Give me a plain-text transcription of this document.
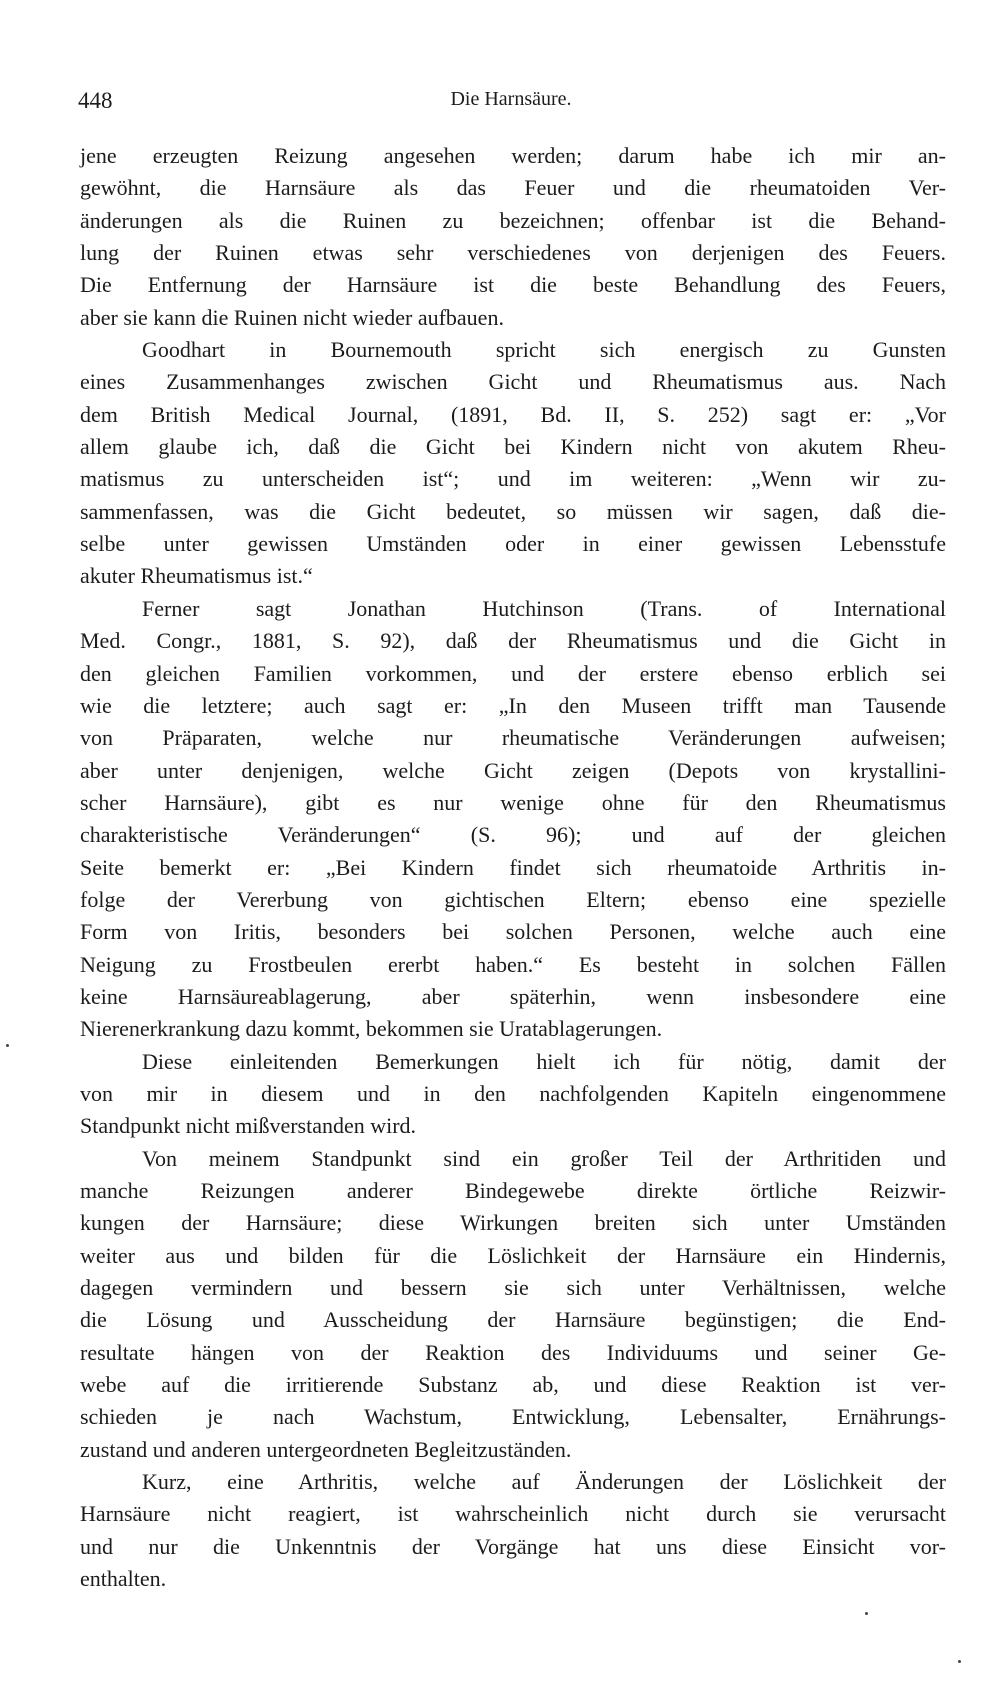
448	Die Harnsäure.
jene erzeugten Reizung angesehen werden; darum habe ich mir an-
gewöhnt, die Harnsäure als das Feuer und die rheumatoiden Ver-
änderungen als die Ruinen zu bezeichnen; offenbar ist die Behand-
lung der Ruinen etwas sehr verschiedenes von derjenigen des Feuers.
Die Entfernung der Harnsäure ist die beste Behandlung des Feuers,
aber sie kann die Ruinen nicht wieder aufbauen.
Goodhart in Bournemouth spricht sich energisch zu Gunsten
eines Zusammenhanges zwischen Gicht und Rheumatismus aus. Nach
dem British Medical Journal, (1891, Bd. II, S. 252) sagt er: „Vor
allem glaube ich, daß die Gicht bei Kindern nicht von akutem Rheu-
matismus zu unterscheiden ist“; und im weiteren: „Wenn wir zu-
sammenfassen, was die Gicht bedeutet, so müssen wir sagen, daß die-
selbe unter gewissen Umständen oder in einer gewissen Lebensstufe
akuter Rheumatismus ist.“
Ferner sagt Jonathan Hutchinson (Trans. of International
Med. Congr., 1881, S. 92), daß der Rheumatismus und die Gicht in
den gleichen Familien vorkommen, und der erstere ebenso erblich sei
wie die letztere; auch sagt er: „In den Museen trifft man Tausende
von Präparaten, welche nur rheumatische Veränderungen aufweisen;
aber unter denjenigen, welche Gicht zeigen (Depots von krystallini-
scher Harnsäure), gibt es nur wenige ohne für den Rheumatismus
charakteristische Veränderungen“ (S. 96); und auf der gleichen
Seite bemerkt er: „Bei Kindern findet sich rheumatoide Arthritis in-
folge der Vererbung von gichtischen Eltern; ebenso eine spezielle
Form von Iritis, besonders bei solchen Personen, welche auch eine
Neigung zu Frostbeulen ererbt haben.“ Es besteht in solchen Fällen
keine Harnsäureablagerung, aber späterhin, wenn insbesondere eine
Nierenerkrankung dazu kommt, bekommen sie Uratablagerungen.
Diese einleitenden Bemerkungen hielt ich für nötig, damit der
von mir in diesem und in den nachfolgenden Kapiteln eingenommene
Standpunkt nicht mißverstanden wird.
Von meinem Standpunkt sind ein großer Teil der Arthritiden und
manche Reizungen anderer Bindegewebe direkte örtliche Reizwir-
kungen der Harnsäure; diese Wirkungen breiten sich unter Umständen
weiter aus und bilden für die Löslichkeit der Harnsäure ein Hindernis,
dagegen vermindern und bessern sie sich unter Verhältnissen, welche
die Lösung und Ausscheidung der Harnsäure begünstigen; die End-
resultate hängen von der Reaktion des Individuums und seiner Ge-
webe auf die irritierende Substanz ab, und diese Reaktion ist ver-
schieden je nach Wachstum, Entwicklung, Lebensalter, Ernährungs-
zustand und anderen untergeordneten Begleitzuständen.
Kurz, eine Arthritis, welche auf Änderungen der Löslichkeit der
Harnsäure nicht reagiert, ist wahrscheinlich nicht durch sie verursacht
und nur die Unkenntnis der Vorgänge hat uns diese Einsicht vor-
enthalten.
